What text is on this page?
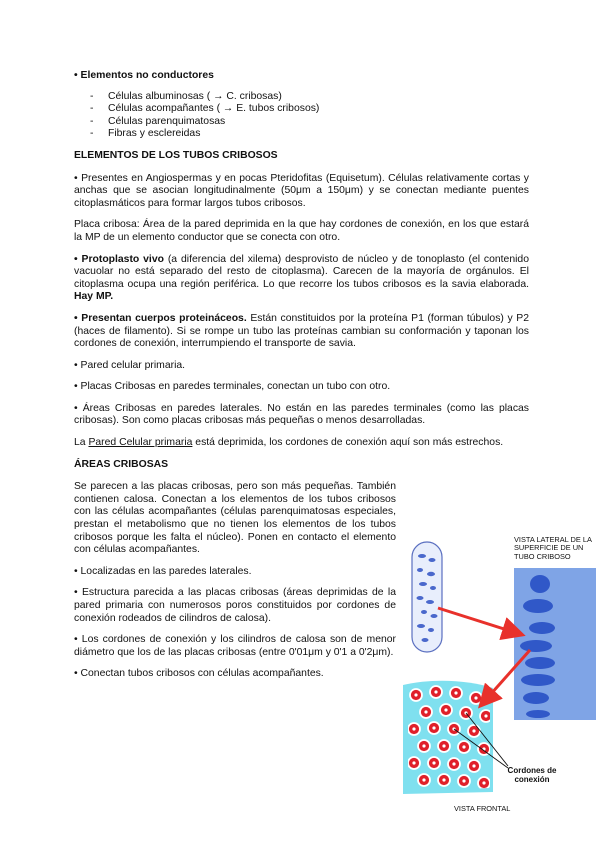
• Elementos no conductores

- Células albuminosas ( → C. cribosas)
- Células acompañantes ( → E. tubos cribosos)
- Células parenquimatosas
- Fibras y esclereidas

ELEMENTOS DE LOS TUBOS CRIBOSOS

• Presentes en Angiospermas y en pocas Pteridofitas (Equisetum). Células relativamente cortas y anchas que se asocian longitudinalmente (50μm a 150μm) y se conectan mediante puentes citoplasmáticos para formar largos tubos cribosos.

Placa cribosa: Área de la pared deprimida en la que hay cordones de conexión, en los que estará la MP de un elemento conductor que se conecta con otro.

• Protoplasto vivo (a diferencia del xilema) desprovisto de núcleo y de tonoplasto (el contenido vacuolar no está separado del resto de citoplasma). Carecen de la mayoría de orgánulos. El citoplasma ocupa una región periférica. Lo que recorre los tubos cribosos es la savia elaborada. Hay MP.

• Presentan cuerpos proteináceos. Están constituidos por la proteína P1 (forman túbulos) y P2 (haces de filamento). Si se rompe un tubo las proteínas cambian su conformación y taponan los cordones de conexión, interrumpiendo el transporte de savia.

• Pared celular primaria.

• Placas Cribosas en paredes terminales, conectan un tubo con otro.

• Áreas Cribosas en paredes laterales. No están en las paredes terminales (como las placas cribosas). Son como placas cribosas más pequeñas o menos desarrolladas.

La Pared Celular primaria está deprimida, los cordones de conexión aquí son más estrechos.

ÁREAS CRIBOSAS

Se parecen a las placas cribosas, pero son más pequeñas. También contienen calosa. Conectan a los elementos de los tubos cribosos con las células acompañantes (células parenquimatosas especiales, prestan el metabolismo que no tienen los elementos de los tubos cribosos porque les falta el núcleo). Ponen en contacto el elemento con células acompañantes.

• Localizadas en las paredes laterales.

• Estructura parecida a las placas cribosas (áreas deprimidas de la pared primaria con numerosos poros constituidos por cordones de conexión rodeados de cilindros de calosa).

• Los cordones de conexión y los cilindros de calosa son de menor diámetro que los de las placas cribosas (entre 0'01μm y 0'1 a 0'2μm).

• Conectan tubos cribosos con células acompañantes.

VISTA LATERAL DE LA SUPERFICIE DE UN TUBO CRIBOSO
Cordones de conexión
VISTA FRONTAL
